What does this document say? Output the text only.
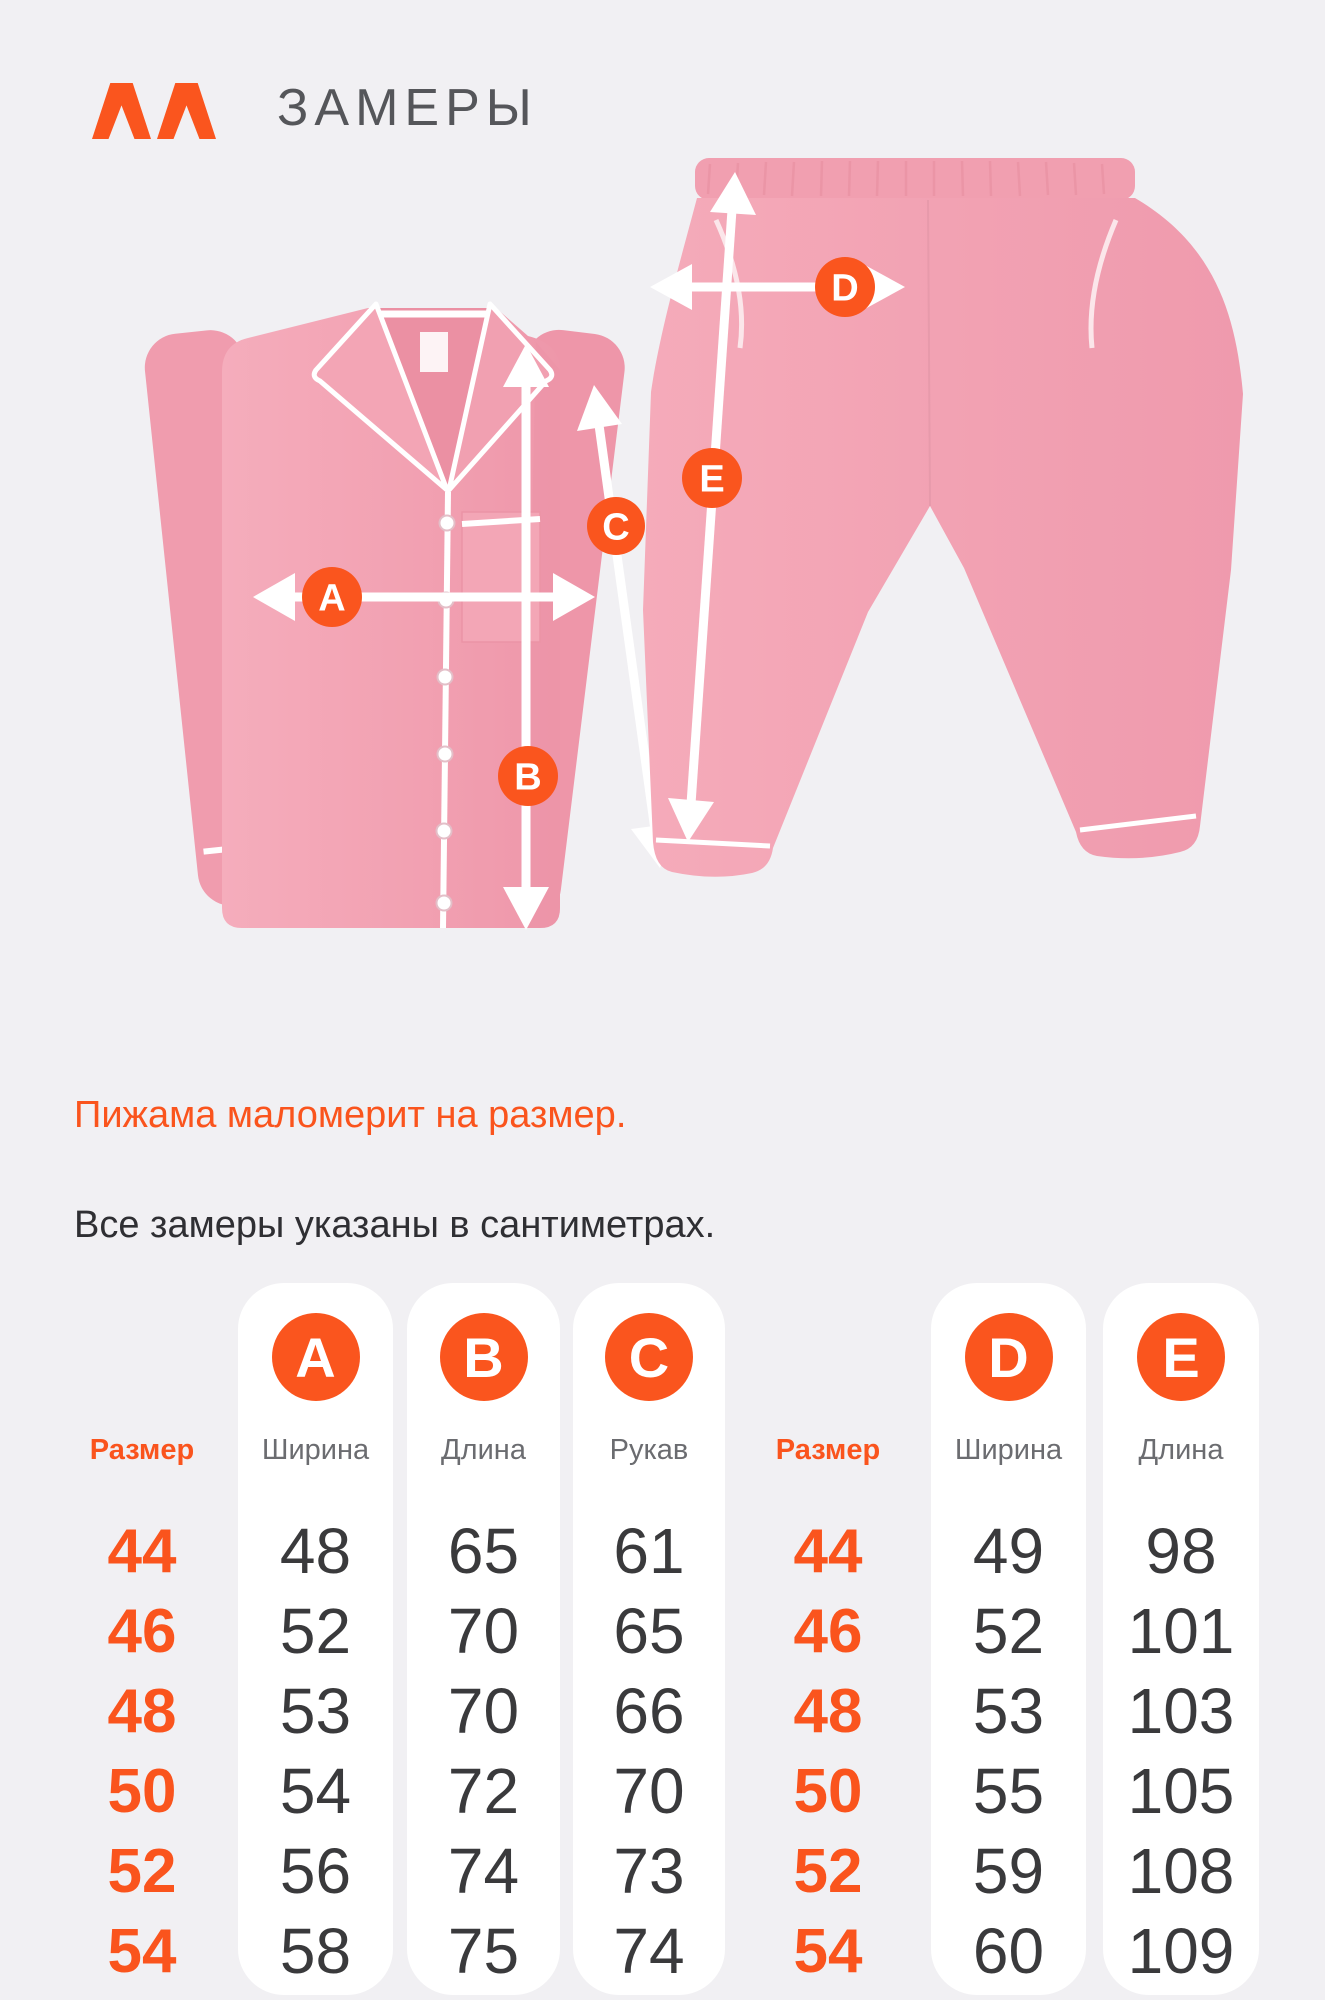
ЗАМЕРЫ
A
B
C
D
E
Пижама маломерит на размер.
Все замеры указаны в сантиметрах.
Размер
44
46
48
50
52
54
A
Ширина
48
52
53
54
56
58
B
Длина
65
70
70
72
74
75
C
Рукав
61
65
66
70
73
74
Размер
44
46
48
50
52
54
D
Ширина
49
52
53
55
59
60
E
Длина
98
101
103
105
108
109
